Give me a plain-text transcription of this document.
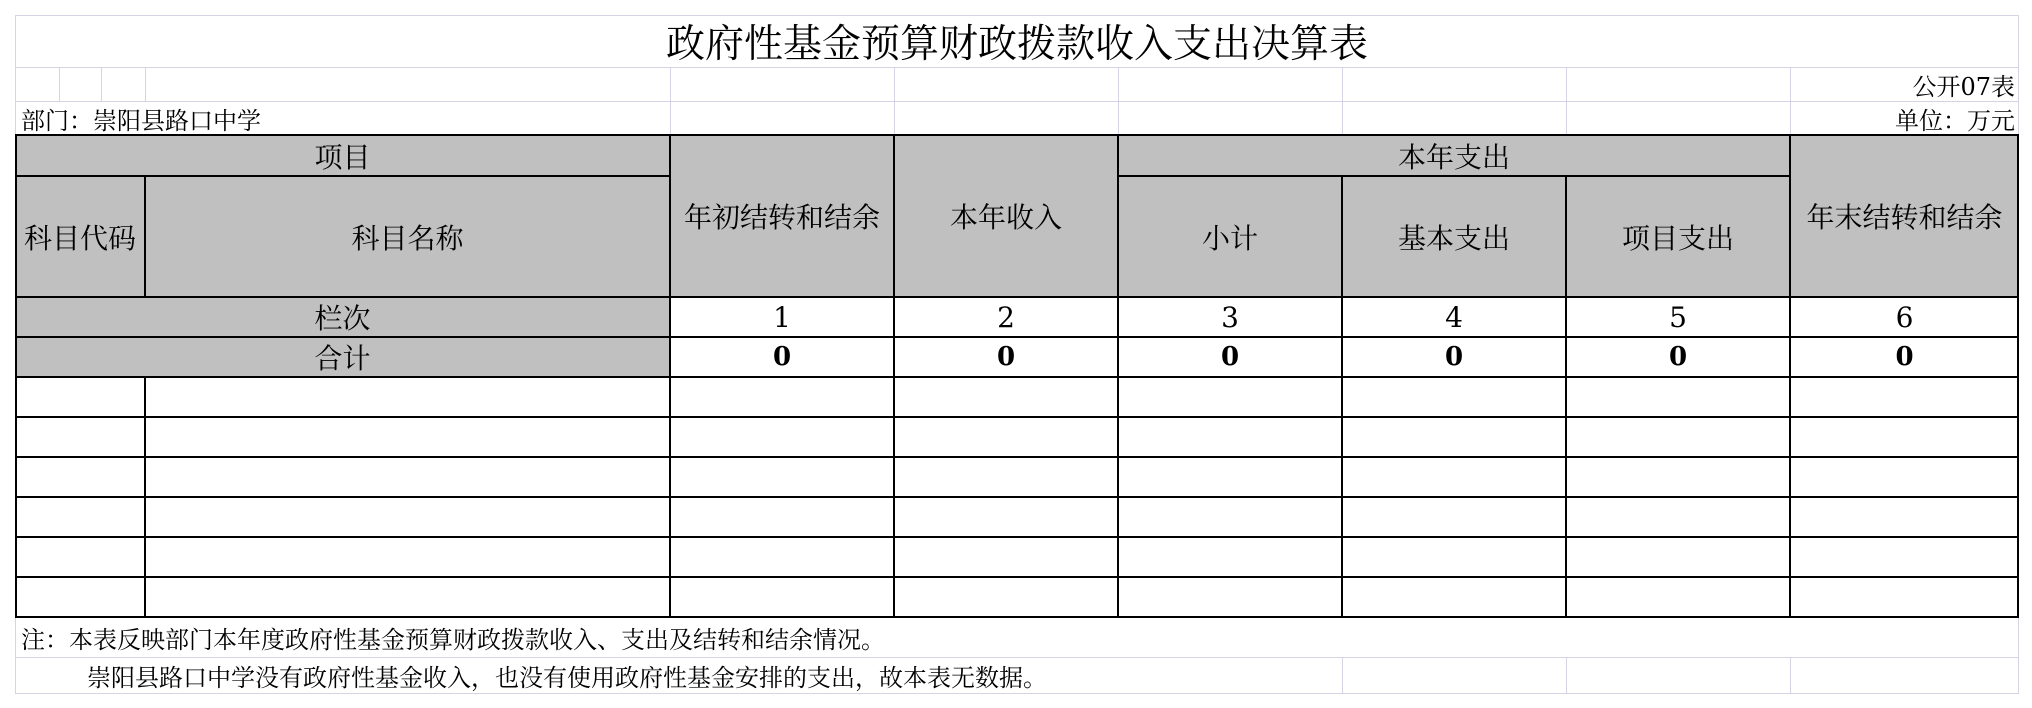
政府性基金预算财政拨款收入支出决算表
公开07表
部门：崇阳县路口中学	单位：万元
项目
科目代码	科目名称
年初结转和结余	本年收入
本年支出
小计	基本支出	项目支出
年末结转和结余
栏次	1	2	3	4	5	6
合计	0	0	0	0	0	0
注：本表反映部门本年度政府性基金预算财政拨款收入、支出及结转和结余情况。
崇阳县路口中学没有政府性基金收入，也没有使用政府性基金安排的支出，故本表无数据。
